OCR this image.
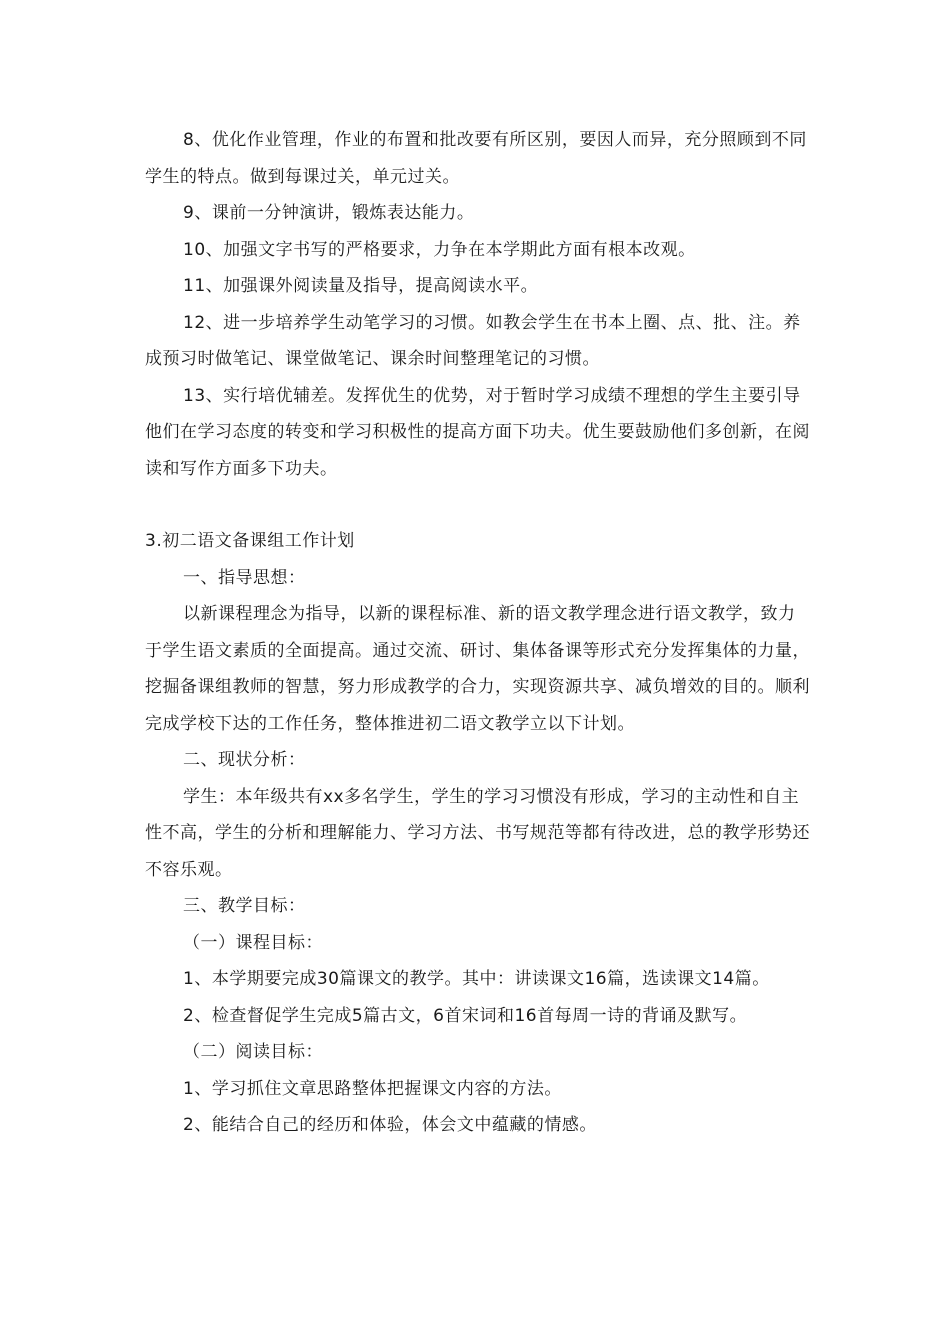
8、优化作业管理，作业的布置和批改要有所区别，要因人而异，充分照顾到不同学生的特点。做到每课过关，单元过关。

9、课前一分钟演讲，锻炼表达能力。

10、加强文字书写的严格要求，力争在本学期此方面有根本改观。

11、加强课外阅读量及指导，提高阅读水平。

12、进一步培养学生动笔学习的习惯。如教会学生在书本上圈、点、批、注。养成预习时做笔记、课堂做笔记、课余时间整理笔记的习惯。

13、实行培优辅差。发挥优生的优势，对于暂时学习成绩不理想的学生主要引导他们在学习态度的转变和学习积极性的提高方面下功夫。优生要鼓励他们多创新，在阅读和写作方面多下功夫。

3.初二语文备课组工作计划

一、指导思想：

以新课程理念为指导，以新的课程标准、新的语文教学理念进行语文教学，致力于学生语文素质的全面提高。通过交流、研讨、集体备课等形式充分发挥集体的力量，挖掘备课组教师的智慧，努力形成教学的合力，实现资源共享、减负增效的目的。顺利完成学校下达的工作任务，整体推进初二语文教学立以下计划。

二、现状分析：

学生：本年级共有xx多名学生，学生的学习习惯没有形成，学习的主动性和自主性不高，学生的分析和理解能力、学习方法、书写规范等都有待改进，总的教学形势还不容乐观。

三、教学目标：

（一）课程目标：

1、本学期要完成30篇课文的教学。其中：讲读课文16篇，选读课文14篇。

2、检查督促学生完成5篇古文，6首宋词和16首每周一诗的背诵及默写。

（二）阅读目标：

1、学习抓住文章思路整体把握课文内容的方法。

2、能结合自己的经历和体验，体会文中蕴藏的情感。
